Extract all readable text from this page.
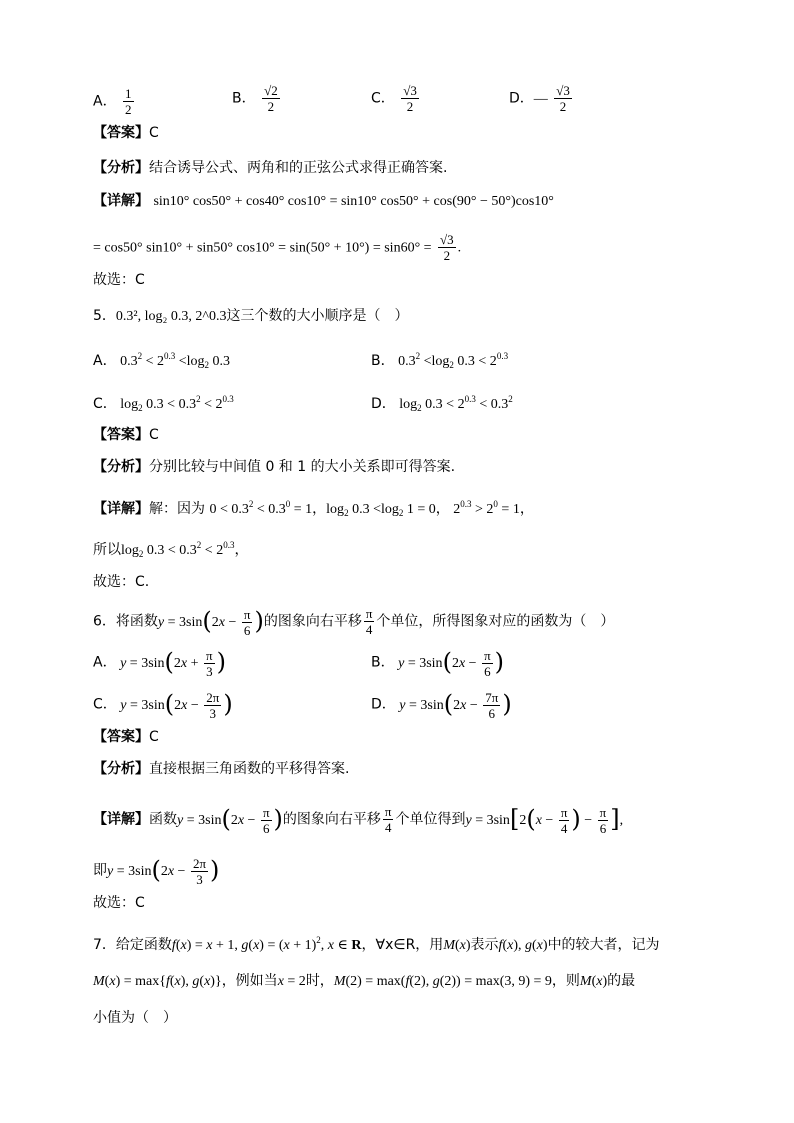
A． $\frac{1}{2}$	B． $\frac{√2}{2}$	C． $\frac{√3}{2}$	D．— $\frac{√3}{2}$
【答案】C
【分析】结合诱导公式、两角和的正弦公式求得正确答案.
【详解】 sin10° cos50° + cos40° cos10° = sin10° cos50° + cos(90° − 50°)cos10°
= cos50° sin10° + sin50° $\cos 10^\circ = \sin(50^\circ + 10^\circ) = \sin 60^\circ = \frac{√3}{2}$ .
故选：C
5．0.3², log₂ 0.3, 2^0.3这三个数的大小顺序是（　）
A． $0.3^2 < 2^{0.3} <\log_2$ 0.3	B． $0.3^2 <\log_2$ $0.3 < 2^{0.3}$
C． $\log_2 0.3 < 0.3^2 < 2^{0.3}$	D． $\log_2 0.3 < 2^{0.3} < 0.3^2$
【答案】C
【分析】分别比较与中间值 0 和 1 的大小关系即可得答案.
【详解】解：因为 $0 < 0.3^2 < 0.3^0 = 1$，$\log_2 0.3 <\log_2$ 1 = 0， $2^{0.3} > 2^0 = 1$，
所以$\log_2 0.3 < 0.3^2 < 2^{0.3}$，
故选：C.
6．将函数$y = 3\sin(2x - \frac{\pi}{6}$ )的图象向右平移 $\frac{\pi}{4}$ 个单位，所得图象对应的函数为（　）
A． $y = 3\sin(2x + \frac{\pi}{3}$ )	B． $y = 3\sin(2x - \frac{\pi}{6}$ )
C． $y = 3\sin(2x - \frac{2\pi}{3}$ )	D． $y = 3\sin(2x - \frac{7\pi}{6}$ )
【答案】C
【分析】直接根据三角函数的平移得答案.
【详解】函数$y = 3\sin(2x - \frac{\pi}{6}$ )的图象向右平移 $\frac{\pi}{4}$ 个单位得到$y = 3\sin[2(x - \frac{\pi}{4}$ ) − $\frac{\pi}{6}$ ],
即$y = 3\sin(2x - \frac{2\pi}{3}$ )
故选：C
7．给定函数f(x) = x + 1, $g(x) = (x + 1)^2$, x ∈ R，∀x∈R，用M(x)表示f(x), g(x)中的较大者，记为
M(x) = max{f(x), g(x)}，例如当x = 2时，M(2) = max(f(2), g(2)) = max(3, 9) = 9，则M(x)的最
小值为（　）
